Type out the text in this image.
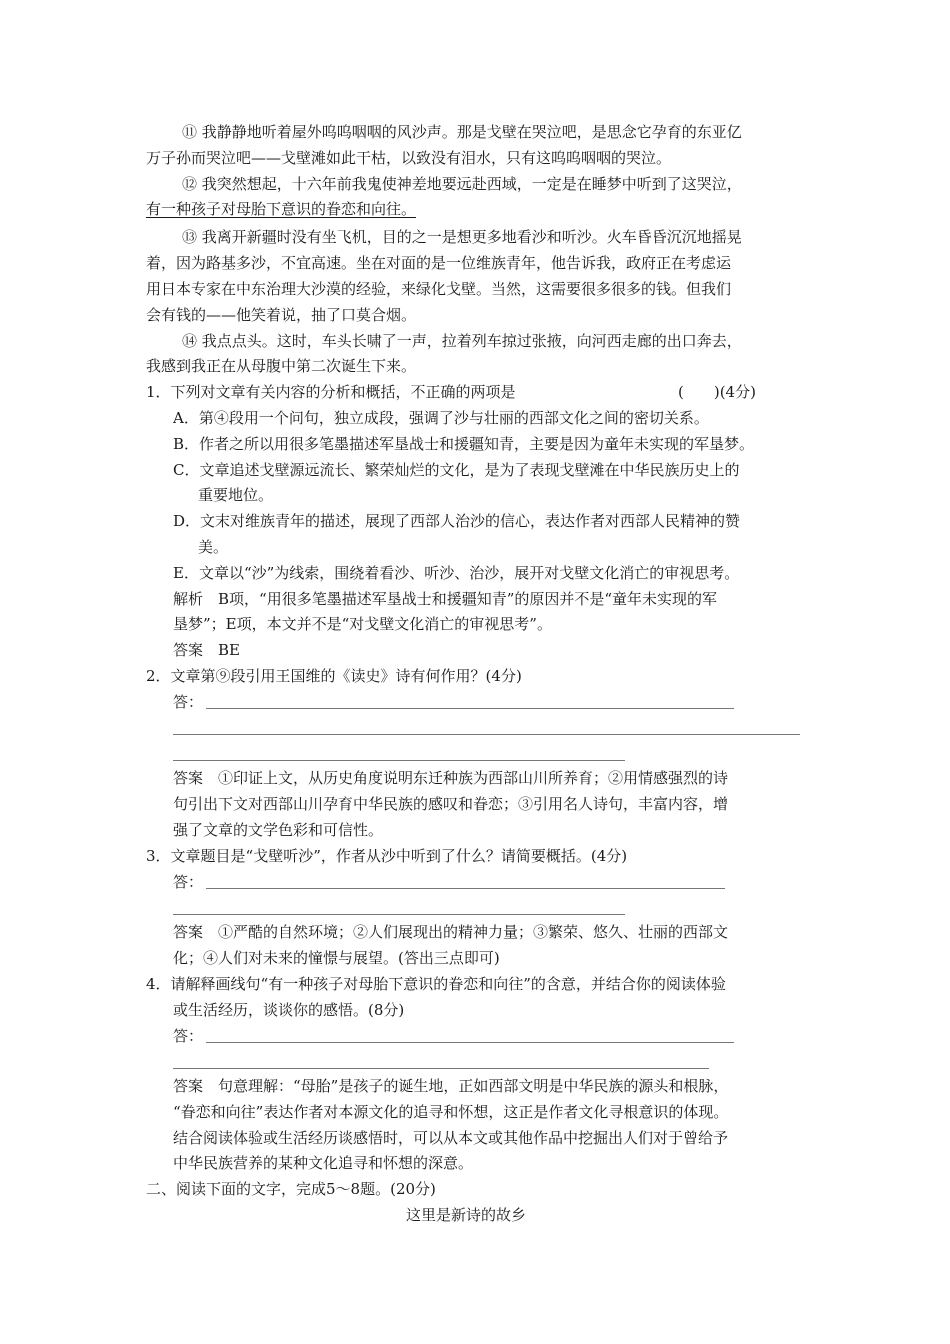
⑪ 我静静地听着屋外呜呜咽咽的风沙声。那是戈壁在哭泣吧，是思念它孕育的东亚亿
万子孙而哭泣吧——戈壁滩如此干枯，以致没有泪水，只有这呜呜咽咽的哭泣。
⑫ 我突然想起，十六年前我鬼使神差地要远赴西域，一定是在睡梦中听到了这哭泣，
有一种孩子对母胎下意识的眷恋和向往。
⑬ 我离开新疆时没有坐飞机，目的之一是想更多地看沙和听沙。火车昏昏沉沉地摇晃
着，因为路基多沙，不宜高速。坐在对面的是一位维族青年，他告诉我，政府正在考虑运
用日本专家在中东治理大沙漠的经验，来绿化戈壁。当然，这需要很多很多的钱。但我们
会有钱的——他笑着说，抽了口莫合烟。
⑭ 我点点头。这时，车头长啸了一声，拉着列车掠过张掖，向河西走廊的出口奔去，
我感到我正在从母腹中第二次诞生下来。
1．下列对文章有关内容的分析和概括，不正确的两项是	(　　)(4分)
A．第④段用一个问句，独立成段，强调了沙与壮丽的西部文化之间的密切关系。
B．作者之所以用很多笔墨描述军垦战士和援疆知青，主要是因为童年未实现的军垦梦。
C．文章追述戈壁源远流长、繁荣灿烂的文化，是为了表现戈壁滩在中华民族历史上的
重要地位。
D．文末对维族青年的描述，展现了西部人治沙的信心，表达作者对西部人民精神的赞
美。
E．文章以“沙”为线索，围绕着看沙、听沙、治沙，展开对戈壁文化消亡的审视思考。
解析　B项，“用很多笔墨描述军垦战士和援疆知青”的原因并不是“童年未实现的军
垦梦”；E项，本文并不是“对戈壁文化消亡的审视思考”。
答案　BE
2．文章第⑨段引用王国维的《读史》诗有何作用？(4分)
答：
答案　①印证上文，从历史角度说明东迁种族为西部山川所养育；②用情感强烈的诗
句引出下文对西部山川孕育中华民族的感叹和眷恋；③引用名人诗句，丰富内容，增
强了文章的文学色彩和可信性。
3．文章题目是“戈壁听沙”，作者从沙中听到了什么？请简要概括。(4分)
答：
答案　①严酷的自然环境；②人们展现出的精神力量；③繁荣、悠久、壮丽的西部文
化；④人们对未来的憧憬与展望。(答出三点即可)
4．请解释画线句“有一种孩子对母胎下意识的眷恋和向往”的含意，并结合你的阅读体验
或生活经历，谈谈你的感悟。(8分)
答：
答案　句意理解：“母胎”是孩子的诞生地，正如西部文明是中华民族的源头和根脉，
“眷恋和向往”表达作者对本源文化的追寻和怀想，这正是作者文化寻根意识的体现。
结合阅读体验或生活经历谈感悟时，可以从本文或其他作品中挖掘出人们对于曾给予
中华民族营养的某种文化追寻和怀想的深意。
二、阅读下面的文字，完成5～8题。(20分)
这里是新诗的故乡
